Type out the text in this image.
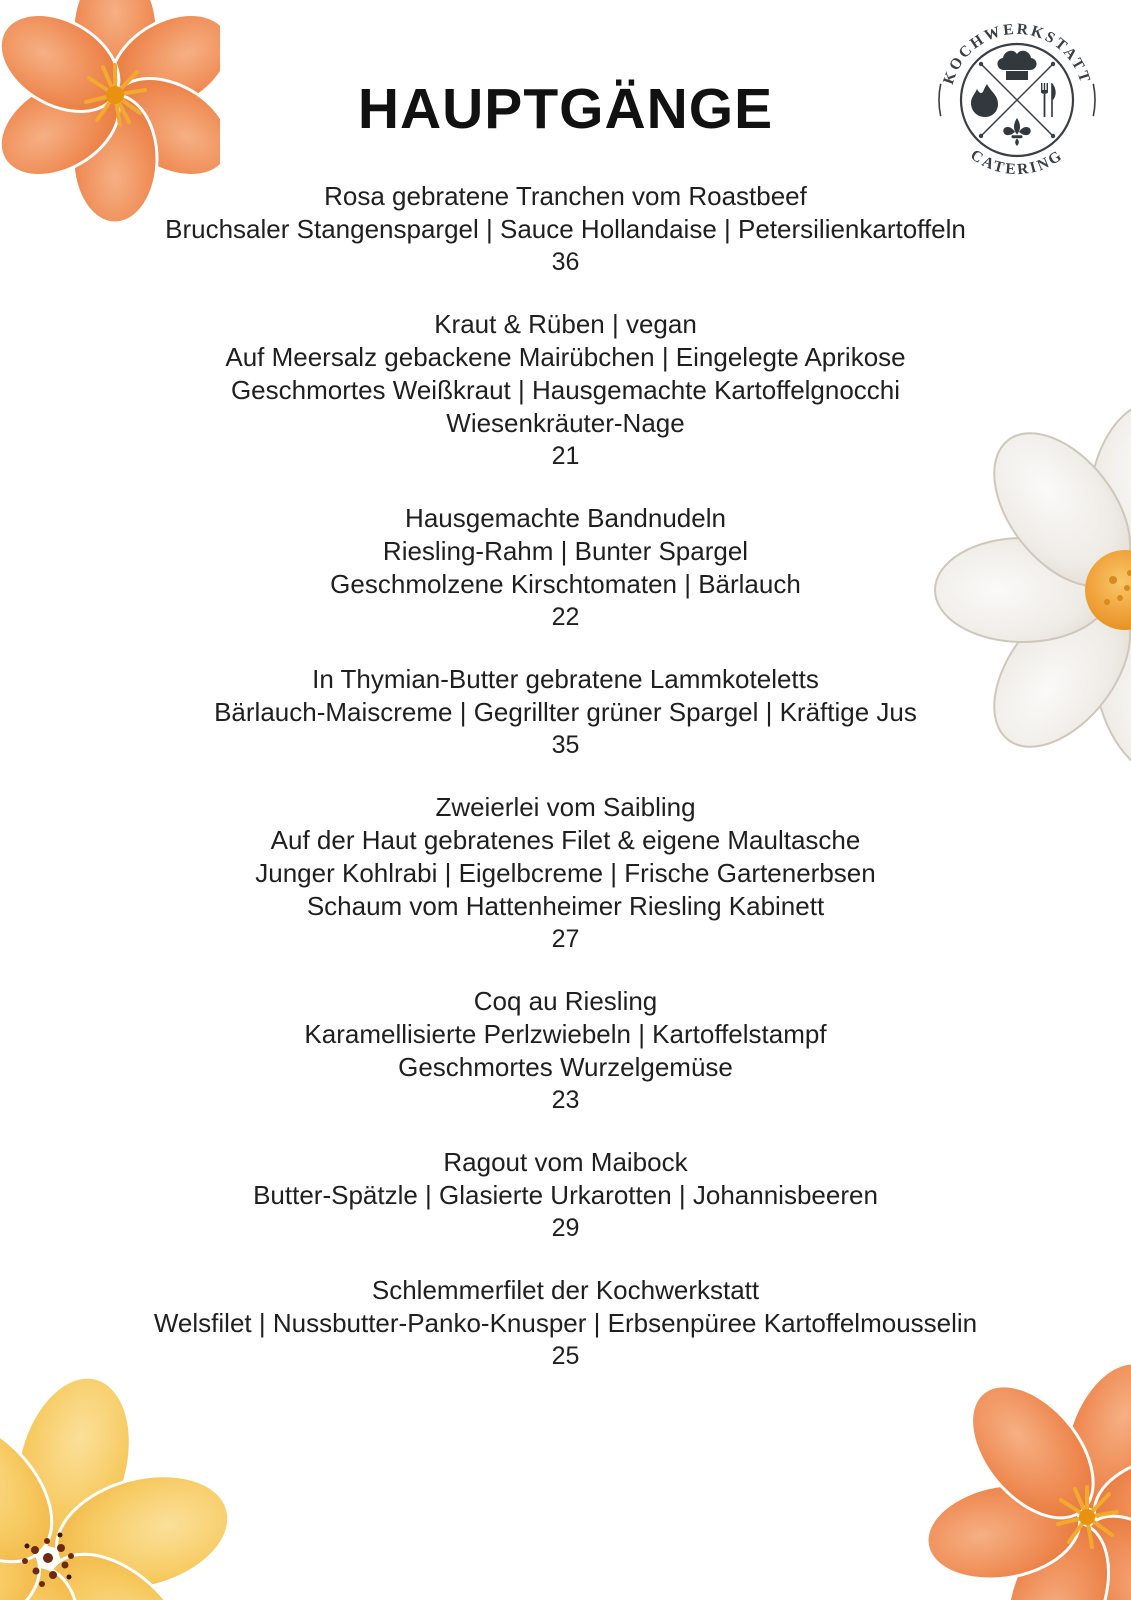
KOCHWERKSTATT
CATERING
HAUPTGÄNGE
Rosa gebratene Tranchen vom Roastbeef
Bruchsaler Stangenspargel | Sauce Hollandaise | Petersilienkartoffeln
36
Kraut & Rüben | vegan
Auf Meersalz gebackene Mairübchen | Eingelegte Aprikose
Geschmortes Weißkraut | Hausgemachte Kartoffelgnocchi
Wiesenkräuter-Nage
21
Hausgemachte Bandnudeln
Riesling-Rahm | Bunter Spargel
Geschmolzene Kirschtomaten | Bärlauch
22
In Thymian-Butter gebratene Lammkoteletts
Bärlauch-Maiscreme | Gegrillter grüner Spargel | Kräftige Jus
35
Zweierlei vom Saibling
Auf der Haut gebratenes Filet & eigene Maultasche
Junger Kohlrabi | Eigelbcreme | Frische Gartenerbsen
Schaum vom Hattenheimer Riesling Kabinett
27
Coq au Riesling
Karamellisierte Perlzwiebeln | Kartoffelstampf
Geschmortes Wurzelgemüse
23
Ragout vom Maibock
Butter-Spätzle | Glasierte Urkarotten | Johannisbeeren
29
Schlemmerfilet der Kochwerkstatt
Welsfilet | Nussbutter-Panko-Knusper | Erbsenpüree Kartoffelmousselin
25
